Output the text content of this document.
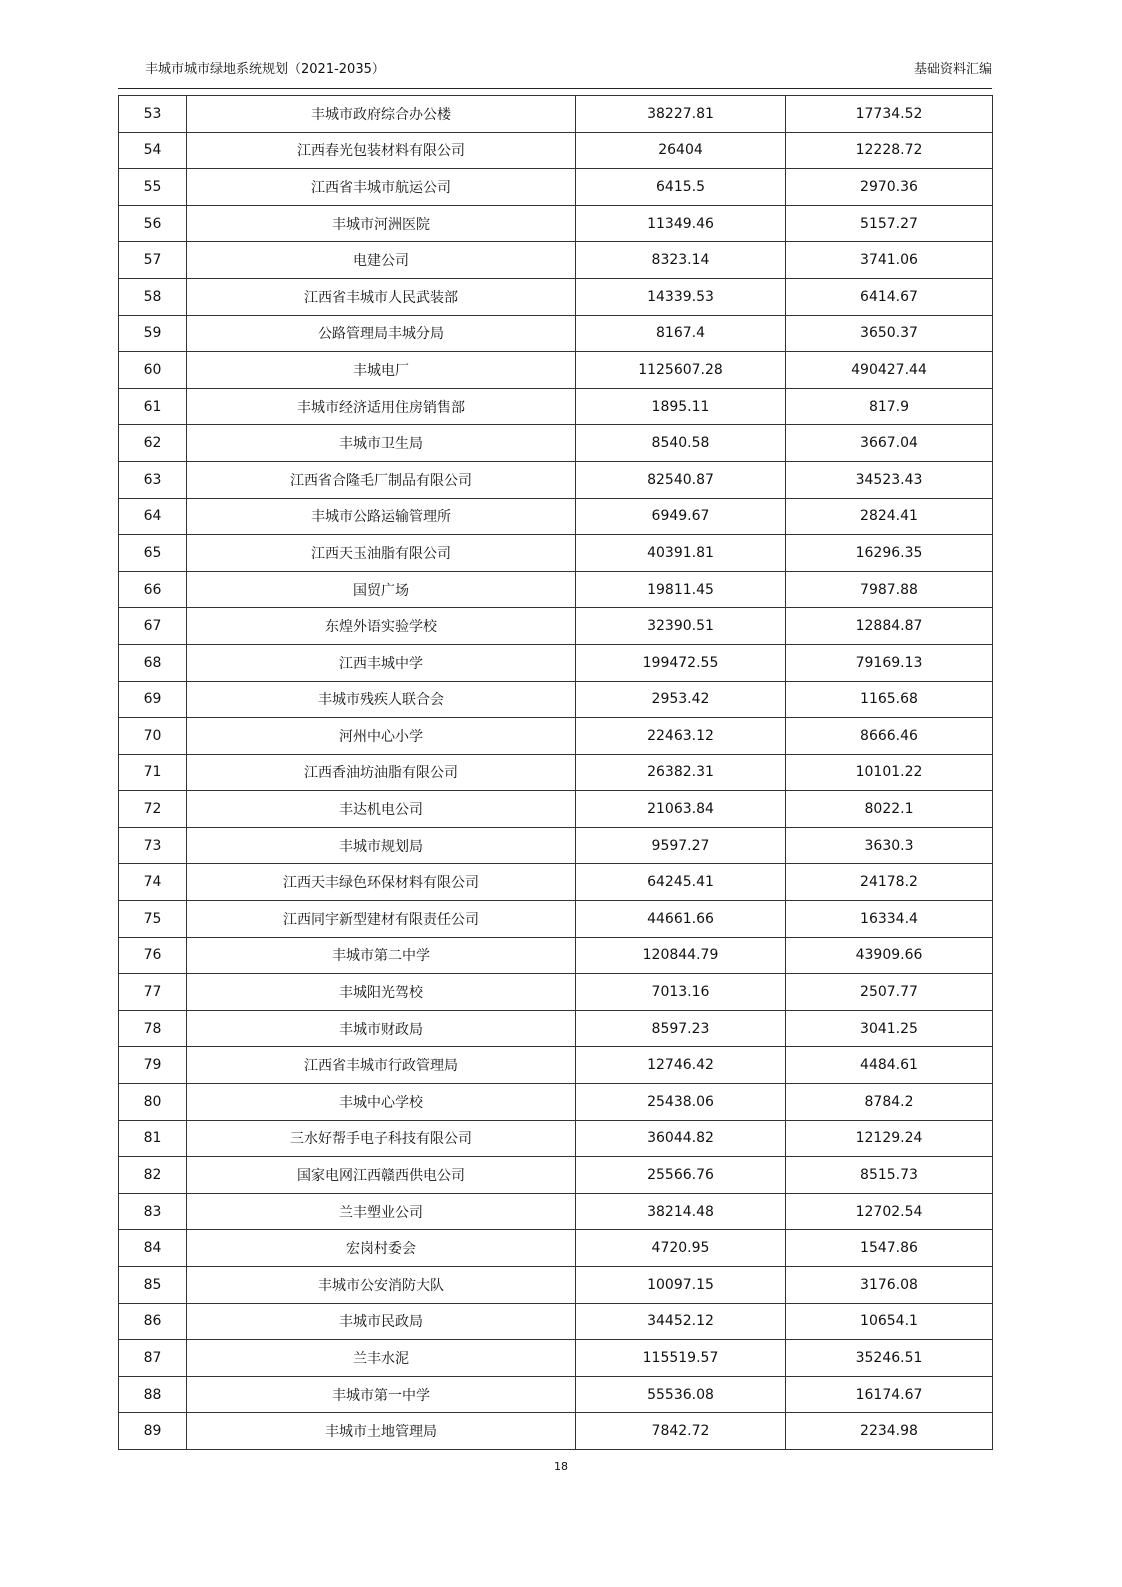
丰城市城市绿地系统规划（2021-2035）	基础资料汇编
53	丰城市政府综合办公楼	38227.81	17734.52
54	江西春光包装材料有限公司	26404	12228.72
55	江西省丰城市航运公司	6415.5	2970.36
56	丰城市河洲医院	11349.46	5157.27
57	电建公司	8323.14	3741.06
58	江西省丰城市人民武装部	14339.53	6414.67
59	公路管理局丰城分局	8167.4	3650.37
60	丰城电厂	1125607.28	490427.44
61	丰城市经济适用住房销售部	1895.11	817.9
62	丰城市卫生局	8540.58	3667.04
63	江西省合隆毛厂制品有限公司	82540.87	34523.43
64	丰城市公路运输管理所	6949.67	2824.41
65	江西天玉油脂有限公司	40391.81	16296.35
66	国贸广场	19811.45	7987.88
67	东煌外语实验学校	32390.51	12884.87
68	江西丰城中学	199472.55	79169.13
69	丰城市残疾人联合会	2953.42	1165.68
70	河州中心小学	22463.12	8666.46
71	江西香油坊油脂有限公司	26382.31	10101.22
72	丰达机电公司	21063.84	8022.1
73	丰城市规划局	9597.27	3630.3
74	江西天丰绿色环保材料有限公司	64245.41	24178.2
75	江西同宇新型建材有限责任公司	44661.66	16334.4
76	丰城市第二中学	120844.79	43909.66
77	丰城阳光驾校	7013.16	2507.77
78	丰城市财政局	8597.23	3041.25
79	江西省丰城市行政管理局	12746.42	4484.61
80	丰城中心学校	25438.06	8784.2
81	三水好帮手电子科技有限公司	36044.82	12129.24
82	国家电网江西赣西供电公司	25566.76	8515.73
83	兰丰塑业公司	38214.48	12702.54
84	宏岗村委会	4720.95	1547.86
85	丰城市公安消防大队	10097.15	3176.08
86	丰城市民政局	34452.12	10654.1
87	兰丰水泥	115519.57	35246.51
88	丰城市第一中学	55536.08	16174.67
89	丰城市土地管理局	7842.72	2234.98
18
